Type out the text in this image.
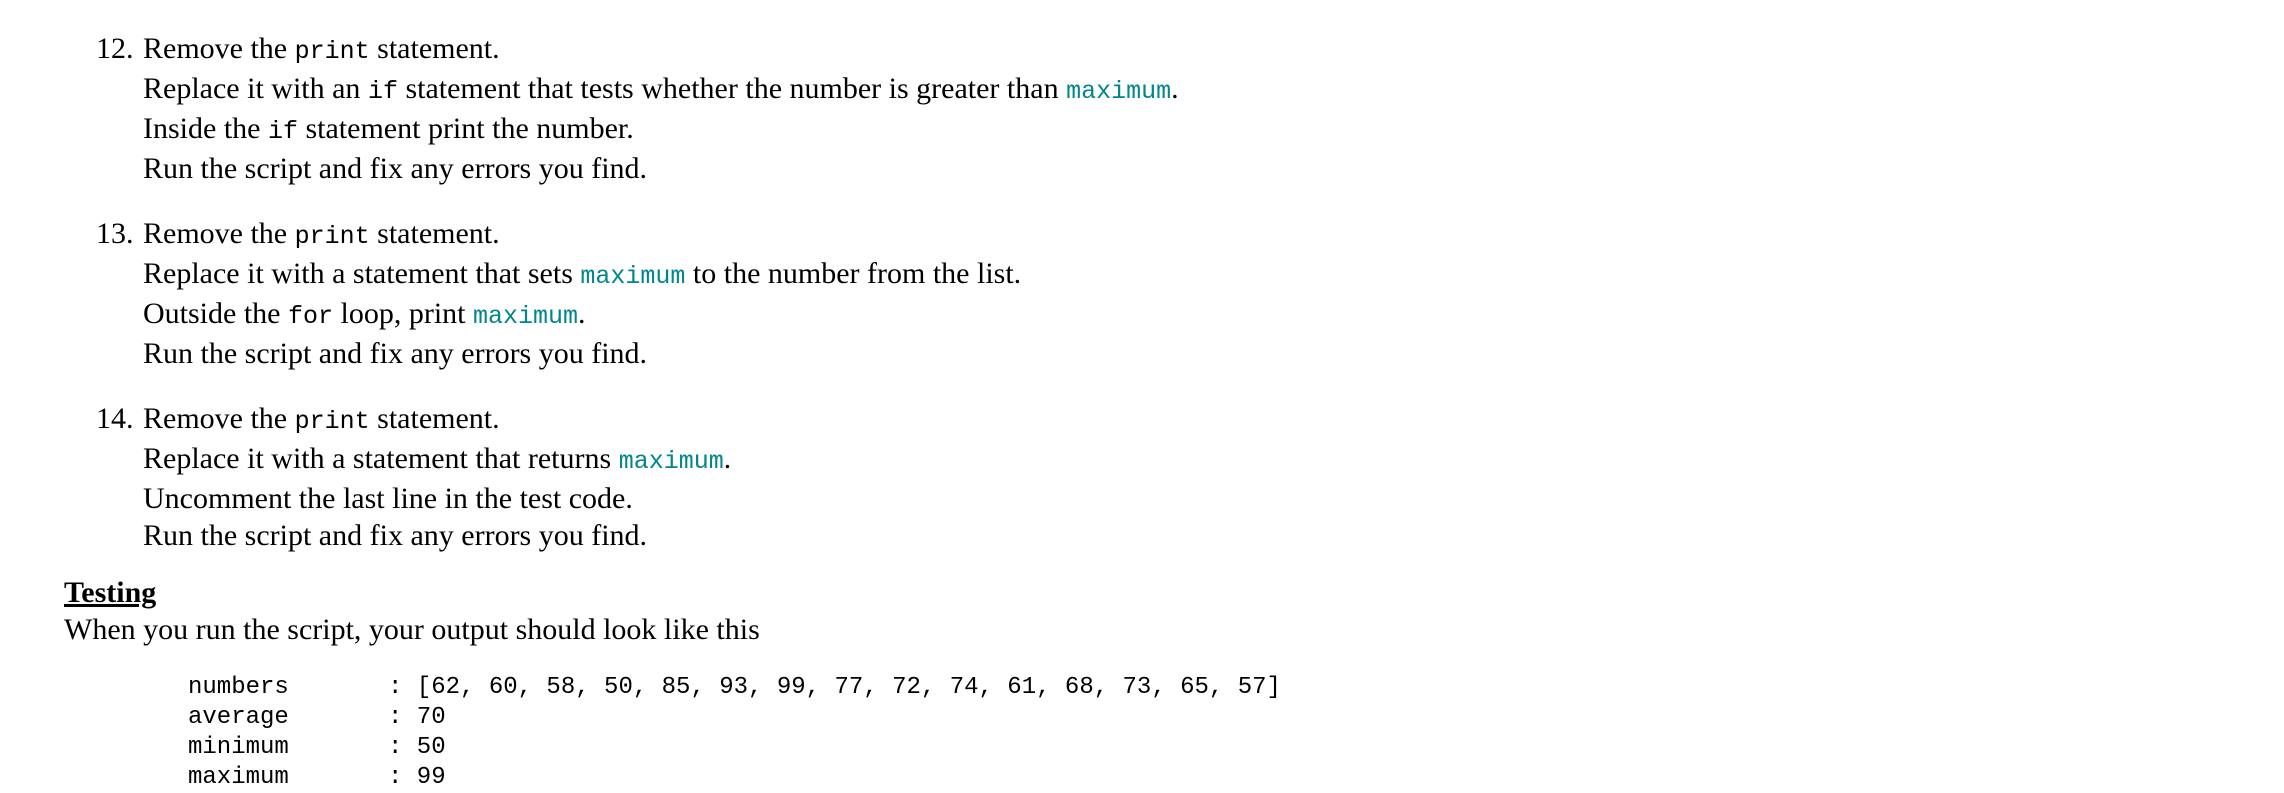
12. Remove the print statement.
Replace it with an if statement that tests whether the number is greater than maximum.
Inside the if statement print the number.
Run the script and fix any errors you find.
13. Remove the print statement.
Replace it with a statement that sets maximum to the number from the list.
Outside the for loop, print maximum.
Run the script and fix any errors you find.
14. Remove the print statement.
Replace it with a statement that returns maximum.
Uncomment the last line in the test code.
Run the script and fix any errors you find.
Testing
When you run the script, your output should look like this
numbers	: [62, 60, 58, 50, 85, 93, 99, 77, 72, 74, 61, 68, 73, 65, 57]
average	: 70
minimum	: 50
maximum	: 99
